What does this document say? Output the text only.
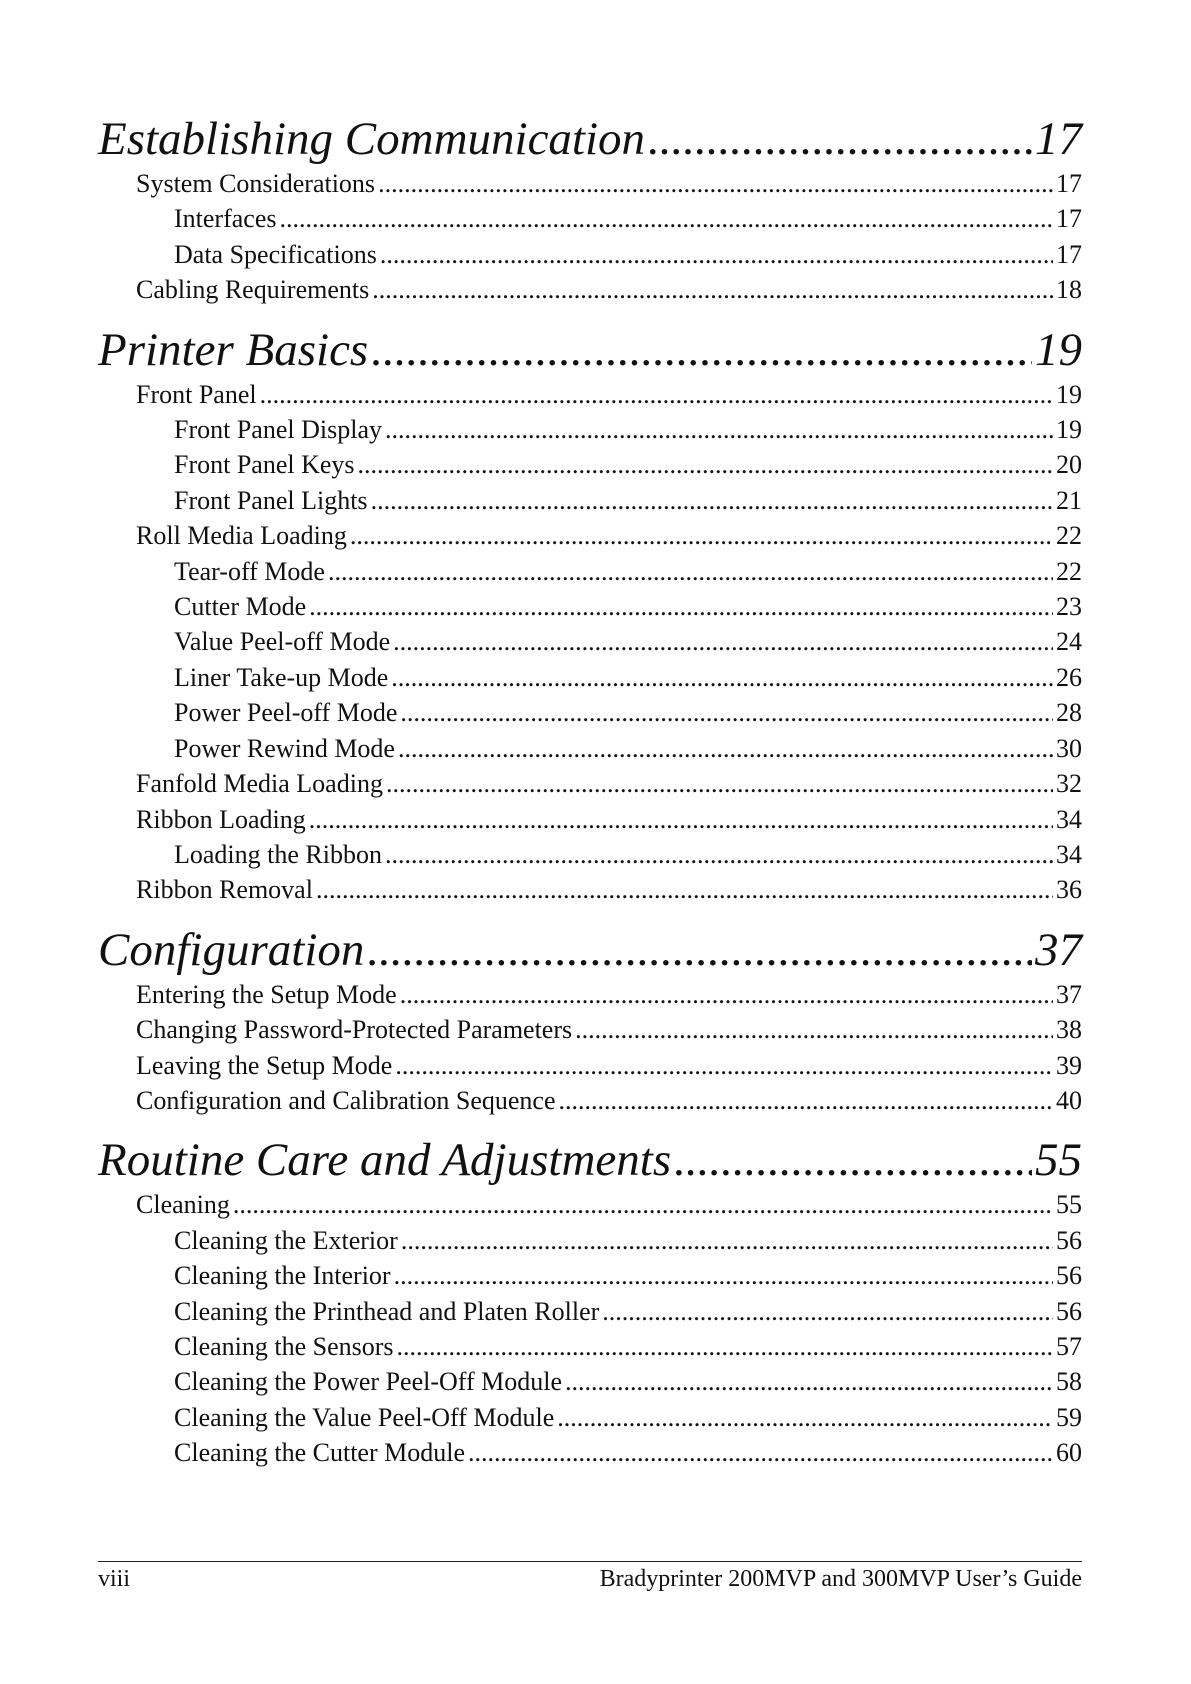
Establishing Communication .....	17
System Considerations .....	17
Interfaces .....	17
Data Specifications .....	17
Cabling Requirements .....	18
Printer Basics .....	19
Front Panel .....	19
Front Panel Display .....	19
Front Panel Keys .....	20
Front Panel Lights .....	21
Roll Media Loading .....	22
Tear-off Mode .....	22
Cutter Mode .....	23
Value Peel-off Mode .....	24
Liner Take-up Mode .....	26
Power Peel-off Mode .....	28
Power Rewind Mode .....	30
Fanfold Media Loading .....	32
Ribbon Loading .....	34
Loading the Ribbon .....	34
Ribbon Removal .....	36
Configuration .....	37
Entering the Setup Mode .....	37
Changing Password-Protected Parameters .....	38
Leaving the Setup Mode .....	39
Configuration and Calibration Sequence .....	40
Routine Care and Adjustments .....	55
Cleaning .....	55
Cleaning the Exterior .....	56
Cleaning the Interior .....	56
Cleaning the Printhead and Platen Roller .....	56
Cleaning the Sensors .....	57
Cleaning the Power Peel-Off Module .....	58
Cleaning the Value Peel-Off Module .....	59
Cleaning the Cutter Module .....	60
viii	Bradyprinter 200MVP and 300MVP User’s Guide
